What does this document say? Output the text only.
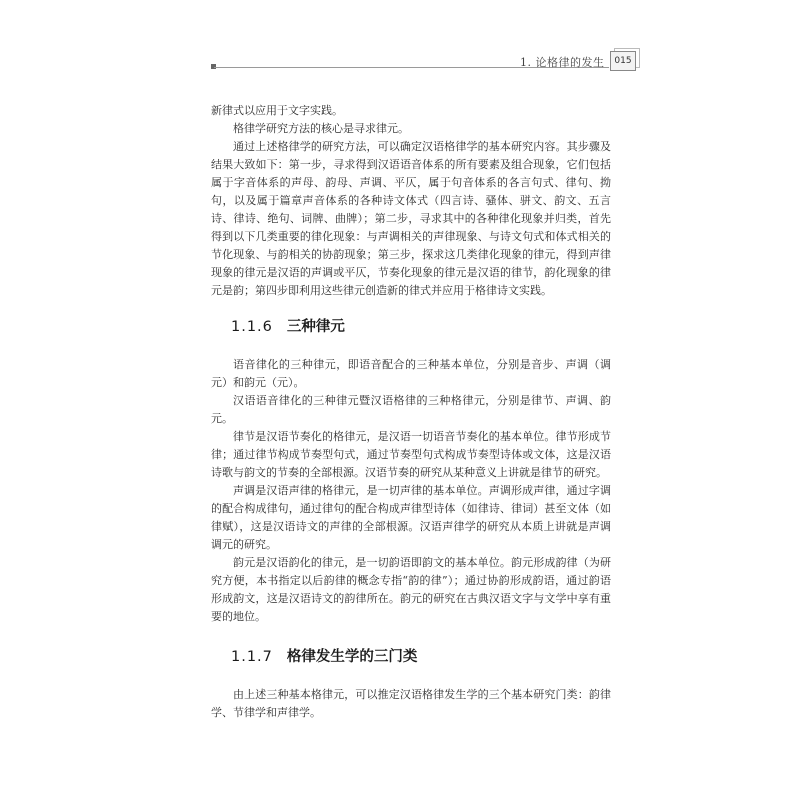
015
1. 论格律的发生

新律式以应用于文字实践。

格律学研究方法的核心是寻求律元。

通过上述格律学的研究方法，可以确定汉语格律学的基本研究内容。其步骤及结果大致如下：第一步，寻求得到汉语语音体系的所有要素及组合现象，它们包括属于字音体系的声母、韵母、声调、平仄，属于句音体系的各言句式、律句、拗句，以及属于篇章声音体系的各种诗文体式（四言诗、骚体、骈文、韵文、五言诗、律诗、绝句、词牌、曲牌）；第二步，寻求其中的各种律化现象并归类，首先得到以下几类重要的律化现象：与声调相关的声律现象、与诗文句式和体式相关的节化现象、与韵相关的协韵现象；第三步，探求这几类律化现象的律元，得到声律现象的律元是汉语的声调或平仄，节奏化现象的律元是汉语的律节，韵化现象的律元是韵；第四步即利用这些律元创造新的律式并应用于格律诗文实践。

1.1.6 三种律元

语音律化的三种律元，即语音配合的三种基本单位，分别是音步、声调（调元）和韵元（元）。

汉语语音律化的三种律元暨汉语格律的三种格律元，分别是律节、声调、韵元。

律节是汉语节奏化的格律元，是汉语一切语音节奏化的基本单位。律节形成节律；通过律节构成节奏型句式，通过节奏型句式构成节奏型诗体或文体，这是汉语诗歌与韵文的节奏的全部根源。汉语节奏的研究从某种意义上讲就是律节的研究。

声调是汉语声律的格律元，是一切声律的基本单位。声调形成声律，通过字调的配合构成律句，通过律句的配合构成声律型诗体（如律诗、律词）甚至文体（如律赋），这是汉语诗文的声律的全部根源。汉语声律学的研究从本质上讲就是声调调元的研究。

韵元是汉语韵化的律元，是一切韵语即韵文的基本单位。韵元形成韵律（为研究方便，本书指定以后韵律的概念专指“韵的律”）；通过协韵形成韵语，通过韵语形成韵文，这是汉语诗文的韵律所在。韵元的研究在古典汉语文字与文学中享有重要的地位。

1.1.7 格律发生学的三门类

由上述三种基本格律元，可以推定汉语格律发生学的三个基本研究门类：韵律学、节律学和声律学。
